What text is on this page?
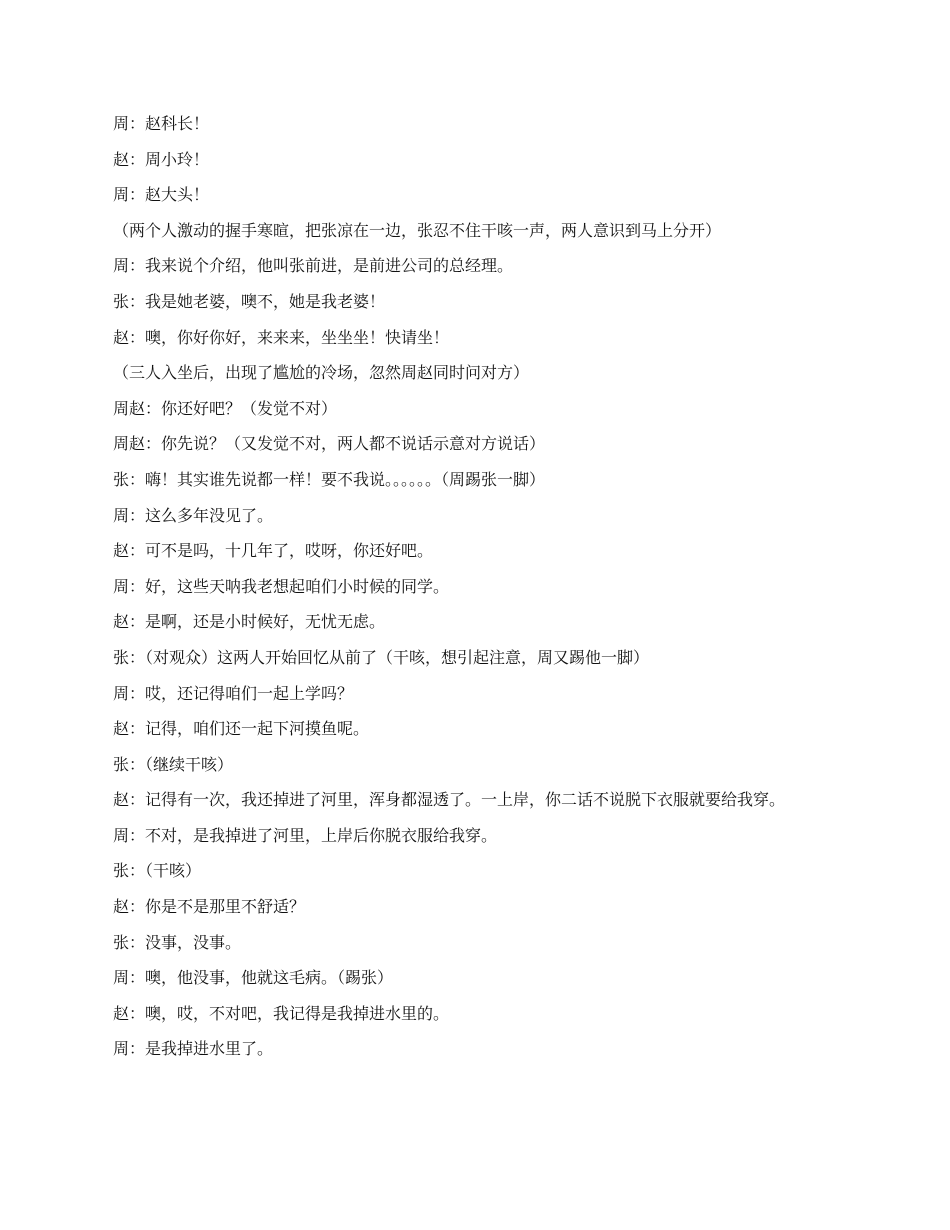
周：赵科长！

赵：周小玲！

周：赵大头！

（两个人激动的握手寒暄，把张凉在一边，张忍不住干咳一声，两人意识到马上分开）

周：我来说个介绍，他叫张前进，是前进公司的总经理。

张：我是她老婆，噢不，她是我老婆！

赵：噢，你好你好，来来来，坐坐坐！快请坐！

（三人入坐后，出现了尴尬的冷场，忽然周赵同时问对方）

周赵：你还好吧？（发觉不对）

周赵：你先说？（又发觉不对，两人都不说话示意对方说话）

张：嗨！其实谁先说都一样！要不我说。。。。。。（周踢张一脚）

周：这么多年没见了。

赵：可不是吗，十几年了，哎呀，你还好吧。

周：好，这些天呐我老想起咱们小时候的同学。

赵：是啊，还是小时候好，无忧无虑。

张：（对观众）这两人开始回忆从前了（干咳，想引起注意，周又踢他一脚）

周：哎，还记得咱们一起上学吗？

赵：记得，咱们还一起下河摸鱼呢。

张：（继续干咳）

赵：记得有一次，我还掉进了河里，浑身都湿透了。一上岸，你二话不说脱下衣服就要给我穿。

周：不对，是我掉进了河里，上岸后你脱衣服给我穿。

张：（干咳）

赵：你是不是那里不舒适？

张：没事，没事。

周：噢，他没事，他就这毛病。（踢张）

赵：噢，哎，不对吧，我记得是我掉进水里的。

周：是我掉进水里了。
